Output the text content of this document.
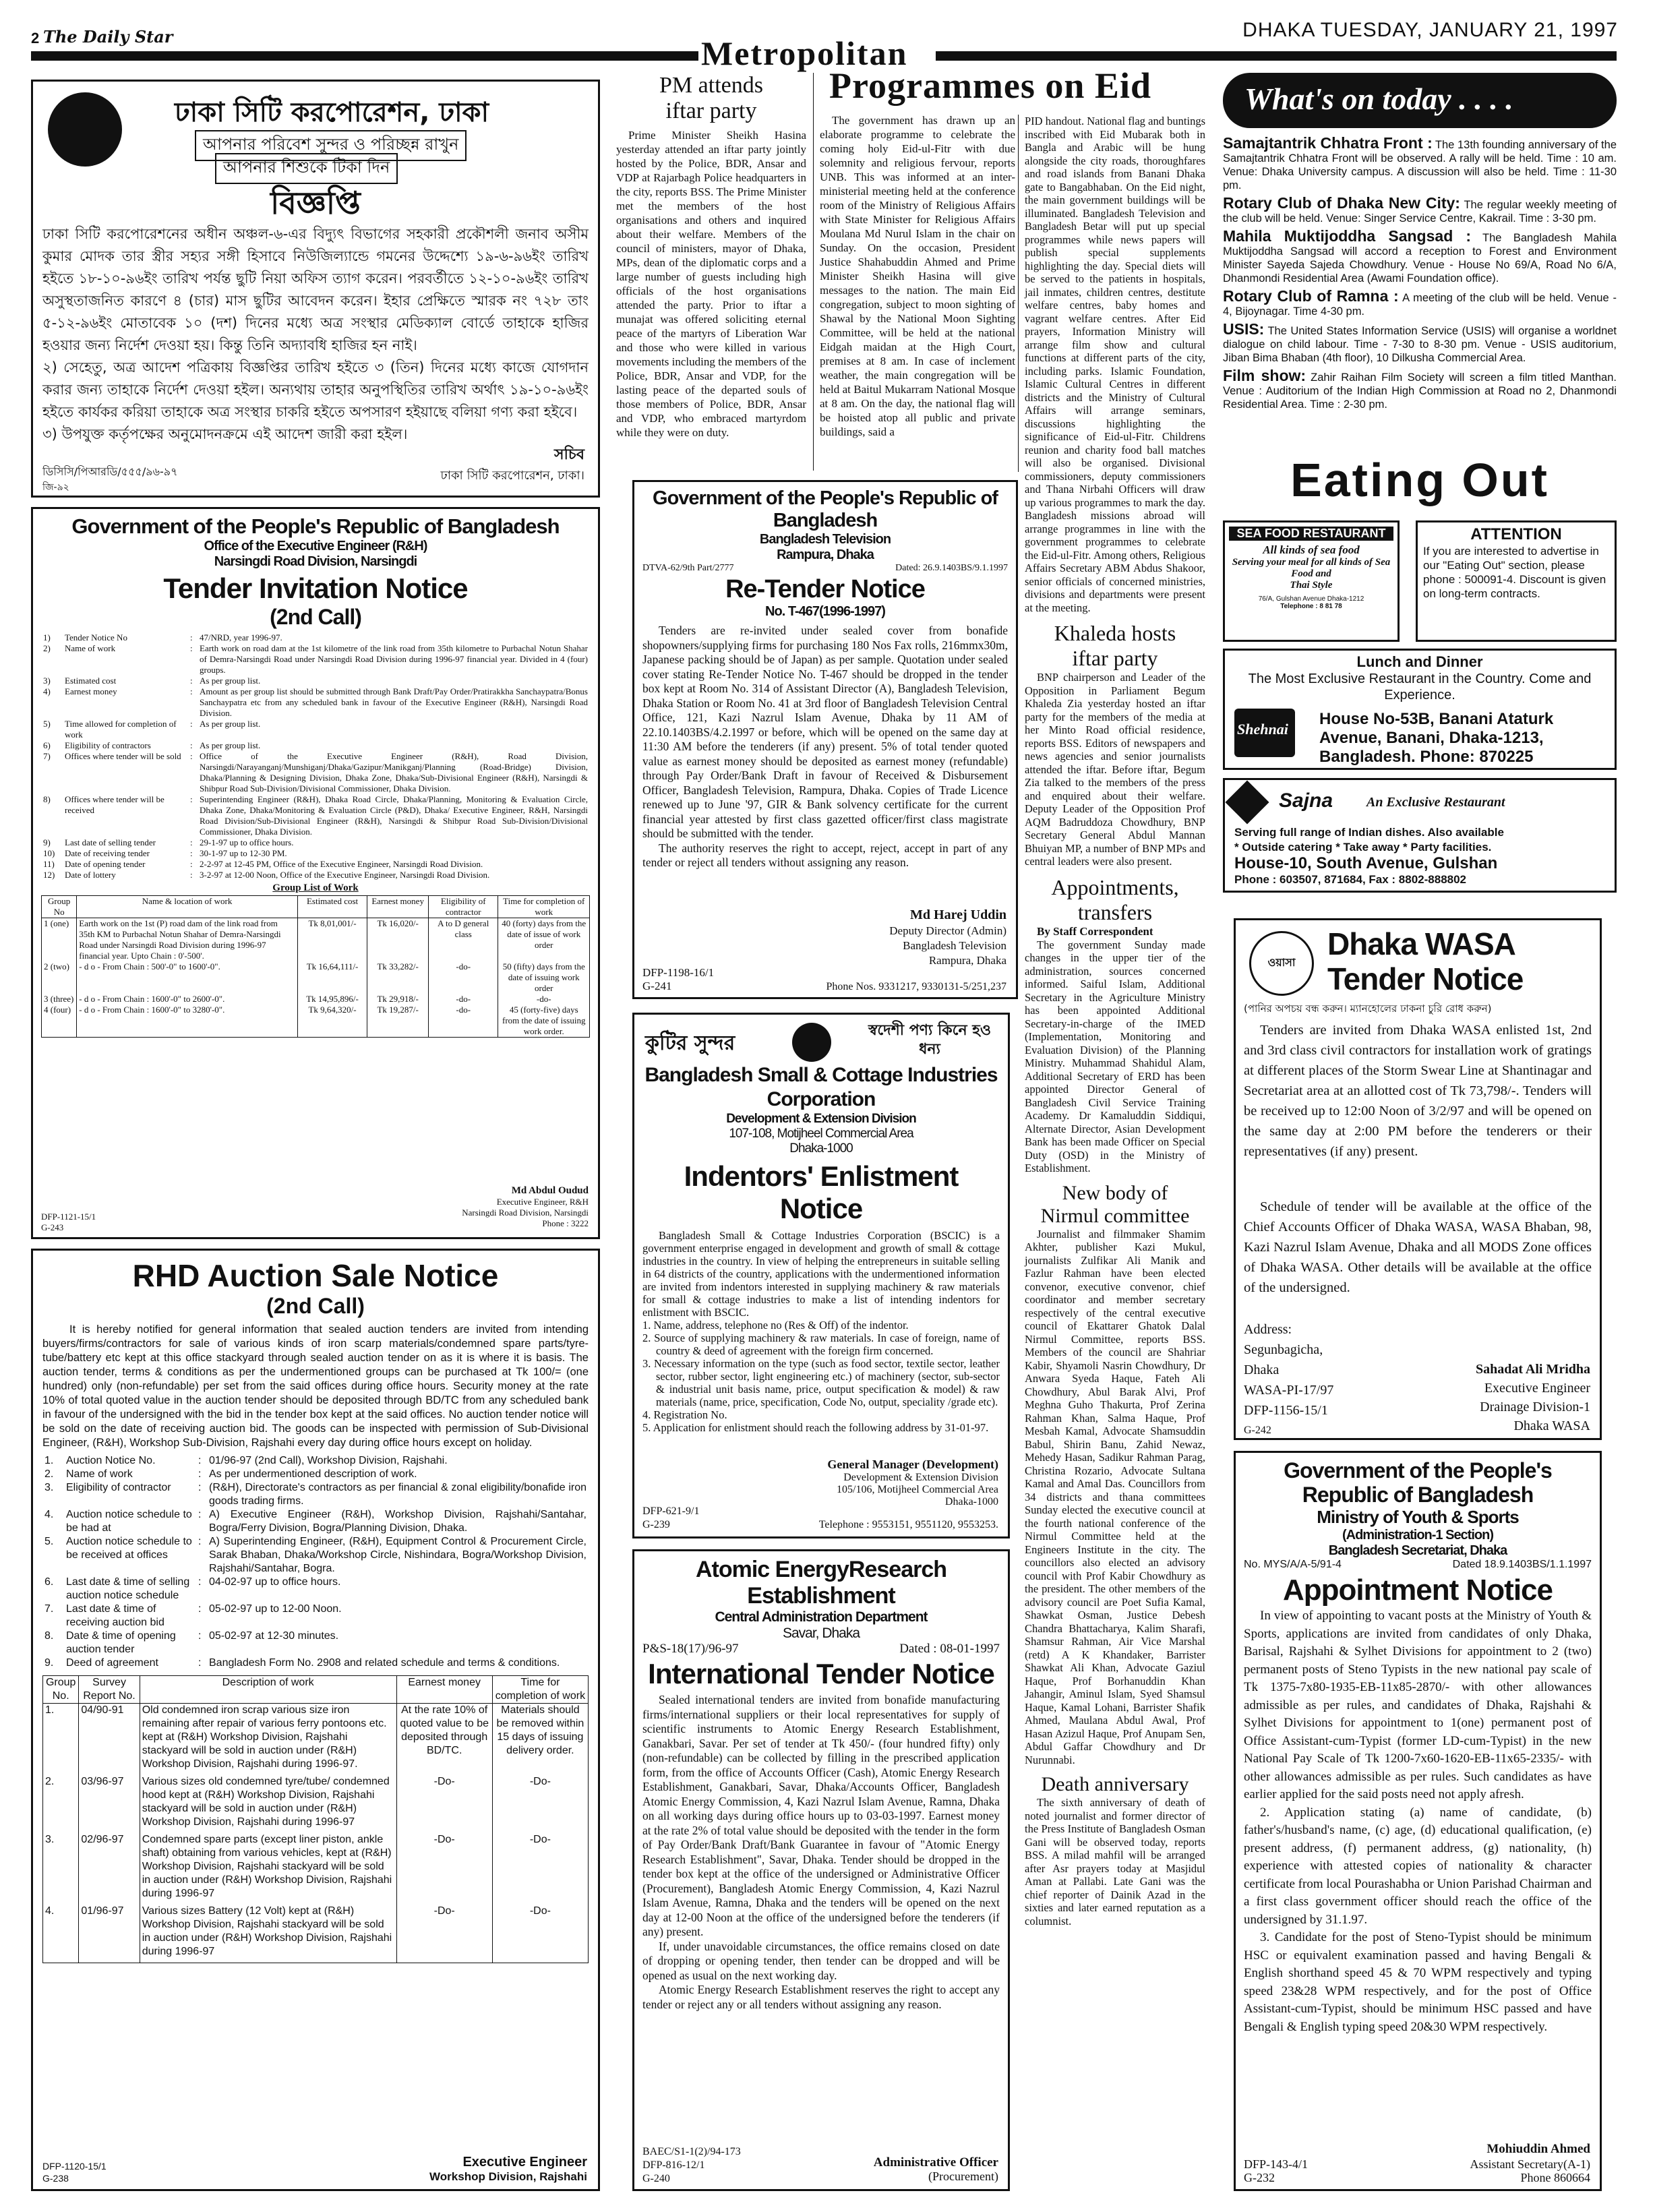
2 The Daily Star	DHAKA TUESDAY, JANUARY 21, 1997
Metropolitan
ঢাকা সিটি করপোরেশন, ঢাকা
আপনার পরিবেশ সুন্দর ও পরিচ্ছন্ন রাখুন
আপনার শিশুকে টিকা দিন
বিজ্ঞপ্তি
ঢাকা সিটি করপোরেশনের অধীন অঞ্চল-৬-এর বিদ্যুৎ বিভাগের সহকারী প্রকৌশলী জনাব অসীম কুমার মোদক তার স্ত্রীর সহ্যর সঙ্গী হিসাবে নিউজিল্যান্ডে গমনের উদ্দেশ্যে ১৯-৬-৯৬ইং তারিখ হইতে ১৮-১০-৯৬ইং তারিখ পর্যন্ত ছুটি নিয়া অফিস ত্যাগ করেন। পরবর্তীতে ১২-১০-৯৬ইং তারিখ অসুস্থতাজনিত কারণে ৪ (চার) মাস ছুটির আবেদন করেন। ইহার প্রেক্ষিতে স্মারক নং ৭২৮ তাং ৫-১২-৯৬ইং মোতাবেক ১০ (দশ) দিনের মধ্যে অত্র সংস্থার মেডিক্যাল বোর্ডে তাহাকে হাজির হওয়ার জন্য নির্দেশ দেওয়া হয়। কিন্তু তিনি অদ্যাবধি হাজির হন নাই।
২) সেহেতু, অত্র আদেশ পত্রিকায় বিজ্ঞপ্তির তারিখ হইতে ৩ (তিন) দিনের মধ্যে কাজে যোগদান করার জন্য তাহাকে নির্দেশ দেওয়া হইল। অন্যথায় তাহার অনুপস্থিতির তারিখ অর্থাৎ ১৯-১০-৯৬ইং হইতে কার্যকর করিয়া তাহাকে অত্র সংস্থার চাকরি হইতে অপসারণ হইয়াছে বলিয়া গণ্য করা হইবে।
৩) উপযুক্ত কর্তৃপক্ষের অনুমোদনক্রমে এই আদেশ জারী করা হইল।
সচিব
ডিসিসি/পিআরডি/৫৫৫/৯৬-৯৭	ঢাকা সিটি করপোরেশন, ঢাকা।
জি-৯২
Government of the People's Republic of Bangladesh
Office of the Executive Engineer (R&H)
Narsingdi Road Division, Narsingdi
Tender Invitation Notice
(2nd Call)
1)	Tender Notice No	:	47/NRD, year 1996-97.
2)	Name of work	:	Earth work on road dam at the 1st kilometre of the link road from 35th kilometre to Purbachal Notun Shahar of Demra-Narsingdi Road under Narsingdi Road Division during 1996-97 financial year. Divided in 4 (four) groups.
3)	Estimated cost	:	As per group list.
4)	Earnest money	:	Amount as per group list should be submitted through Bank Draft/Pay Order/Pratirakkha Sanchaypatra/Bonus Sanchaypatra etc from any scheduled bank in favour of the Executive Engineer (R&H), Narsingdi Road Division.
5)	Time allowed for completion of work	:	As per group list.
6)	Eligibility of contractors	:	As per group list.
7)	Offices where tender will be sold	:	Office of the Executive Engineer (R&H), Road Division, Narsingdi/Narayanganj/Munshiganj/Dhaka/Gazipur/Manikganj/Planning (Road-Bridge) Division, Dhaka/Planning & Designing Division, Dhaka Zone, Dhaka/Sub-Divisional Engineer (R&H), Narsingdi & Shibpur Road Sub-Division/Divisional Commissioner, Dhaka Division.
8)	Offices where tender will be received	:	Superintending Engineer (R&H), Dhaka Road Circle, Dhaka/Planning, Monitoring & Evaluation Circle, Dhaka Zone, Dhaka/Monitoring & Evaluation Circle (P&D), Dhaka/ Executive Engineer, R&H, Narsingdi Road Division/Sub-Divisional Engineer (R&H), Narsingdi & Shibpur Road Sub-Division/Divisional Commissioner, Dhaka Division.
9)	Last date of selling tender	:	29-1-97 up to office hours.
10)	Date of receiving tender	:	30-1-97 up to 12-30 PM.
11)	Date of opening tender	:	2-2-97 at 12-45 PM, Office of the Executive Engineer, Narsingdi Road Division.
12)	Date of lottery	:	3-2-97 at 12-00 Noon, Office of the Executive Engineer, Narsingdi Road Division.
Group List of Work
Group No	Name & location of work	Estimated cost	Earnest money	Eligibility of contractor	Time for completion of work
1 (one)	Earth work on the 1st (P) road dam of the link road from 35th KM to Purbachal Notun Shahar of Demra-Narsingdi Road under Narsingdi Road Division during 1996-97 financial year. Upto Chain : 0'-500'.	Tk 8,01,001/-	Tk 16,020/-	A to D general class	40 (forty) days from the date of issue of work order
2 (two)	- d o - From Chain : 500'-0" to 1600'-0".	Tk 16,64,111/-	Tk 33,282/-	-do-	50 (fifty) days from the date of issuing work order
3 (three)	- d o - From Chain : 1600'-0" to 2600'-0".	Tk 14,95,896/-	Tk 29,918/-	-do-	-do-
4 (four)	- d o - From Chain : 1600'-0" to 3280'-0".	Tk 9,64,320/-	Tk 19,287/-	-do-	45 (forty-five) days from the date of issuing work order.
Md Abdul Oudud
Executive Engineer, R&H
Narsingdi Road Division, Narsingdi
Phone : 3222
DFP-1121-15/1
G-243
RHD Auction Sale Notice
(2nd Call)
It is hereby notified for general information that sealed auction tenders are invited from intending buyers/firms/contractors for sale of various kinds of iron scarp materials/condemned spare parts/tyre-tube/battery etc kept at this office stackyard through sealed auction tender on as it is where it is basis. The auction tender, terms & conditions as per the undermentioned groups can be purchased at Tk 100/= (one hundred) only (non-refundable) per set from the said offices during office hours. Security money at the rate 10% of total quoted value in the auction tender should be deposited through BD/TC from any scheduled bank in favour of the undersigned with the bid in the tender box kept at the said offices. No auction tender notice will be sold on the date of receiving auction bid. The goods can be inspected with permission of Sub-Divisional Engineer, (R&H), Workshop Sub-Division, Rajshahi every day during office hours except on holiday.
1.	Auction Notice No.	:	01/96-97 (2nd Call), Workshop Division, Rajshahi.
2.	Name of work	:	As per undermentioned description of work.
3.	Eligibility of contractor	:	(R&H), Directorate's contractors as per financial & zonal eligibility/bonafide iron goods trading firms.
4.	Auction notice schedule to be had at	:	A) Executive Engineer (R&H), Workshop Division, Rajshahi/Santahar, Bogra/Ferry Division, Bogra/Planning Division, Dhaka.
5.	Auction notice schedule to be received at offices	:	A) Superintending Engineer, (R&H), Equipment Control & Procurement Circle, Sarak Bhaban, Dhaka/Workshop Circle, Nishindara, Bogra/Workshop Division, Rajshahi/Santahar, Bogra.
6.	Last date & time of selling auction notice schedule	:	04-02-97 up to office hours.
7.	Last date & time of receiving auction bid	:	05-02-97 up to 12-00 Noon.
8.	Date & time of opening auction tender	:	05-02-97 at 12-30 minutes.
9.	Deed of agreement	:	Bangladesh Form No. 2908 and related schedule and terms & conditions.
Group No.	Survey Report No.	Description of work	Earnest money	Time for completion of work
1.	04/90-91	Old condemned iron scrap various size iron remaining after repair of various ferry pontoons etc. kept at (R&H) Workshop Division, Rajshahi stackyard will be sold in auction under (R&H) Workshop Division, Rajshahi during 1996-97.	At the rate 10% of quoted value to be deposited through BD/TC.	Materials should be removed within 15 days of issuing delivery order.
2.	03/96-97	Various sizes old condemned tyre/tube/ condemned hood kept at (R&H) Workshop Division, Rajshahi stackyard will be sold in auction under (R&H) Workshop Division, Rajshahi during 1996-97	-Do-	-Do-
3.	02/96-97	Condemned spare parts (except liner piston, ankle shaft) obtaining from various vehicles, kept at (R&H) Workshop Division, Rajshahi stackyard will be sold in auction under (R&H) Workshop Division, Rajshahi during 1996-97	-Do-	-Do-
4.	01/96-97	Various sizes Battery (12 Volt) kept at (R&H) Workshop Division, Rajshahi stackyard will be sold in auction under (R&H) Workshop Division, Rajshahi during 1996-97	-Do-	-Do-
Executive Engineer
Workshop Division, Rajshahi
DFP-1120-15/1
G-238
PM attends
iftar party
Prime Minister Sheikh Hasina yesterday attended an iftar party jointly hosted by the Police, BDR, Ansar and VDP at Rajarbagh Police headquarters in the city, reports BSS. The Prime Minister met the members of the host organisations and others and inquired about their welfare. Members of the council of ministers, mayor of Dhaka, MPs, dean of the diplomatic corps and a large number of guests including high officials of the host organisations attended the party. Prior to iftar a munajat was offered soliciting eternal peace of the martyrs of Liberation War and those who were killed in various movements including the members of the Police, BDR, Ansar and VDP, for the lasting peace of the departed souls of those members of Police, BDR, Ansar and VDP, who embraced martyrdom while they were on duty.
Programmes on Eid
The government has drawn up an elaborate programme to celebrate the coming holy Eid-ul-Fitr with due solemnity and religious fervour, reports UNB. This was informed at an inter-ministerial meeting held at the conference room of the Ministry of Religious Affairs with State Minister for Religious Affairs Moulana Md Nurul Islam in the chair on Sunday. On the occasion, President Justice Shahabuddin Ahmed and Prime Minister Sheikh Hasina will give messages to the nation. The main Eid congregation, subject to moon sighting of Shawal by the National Moon Sighting Committee, will be held at the national Eidgah maidan at the High Court, premises at 8 am. In case of inclement weather, the main congregation will be held at Baitul Mukarram National Mosque at 8 am. On the day, the national flag will be hoisted atop all public and private buildings, said a
Government of the People's Republic of Bangladesh
Bangladesh Television
Rampura, Dhaka
DTVA-62/9th Part/2777	Dated: 26.9.1403BS/9.1.1997
Re-Tender Notice
No. T-467(1996-1997)
Tenders are re-invited under sealed cover from bonafide shopowners/supplying firms for purchasing 180 Nos Fax rolls, 216mmx30m, Japanese packing should be of Japan) as per sample. Quotation under sealed cover stating Re-Tender Notice No. T-467 should be dropped in the tender box kept at Room No. 314 of Assistant Director (A), Bangladesh Television, Dhaka Station or Room No. 41 at 3rd floor of Bangladesh Television Central Office, 121, Kazi Nazrul Islam Avenue, Dhaka by 11 AM of 22.10.1403BS/4.2.1997 or before, which will be opened on the same day at 11:30 AM before the tenderers (if any) present. 5% of total tender quoted value as earnest money should be deposited as earnest money (refundable) through Pay Order/Bank Draft in favour of Received & Disbursement Officer, Bangladesh Television, Rampura, Dhaka. Copies of Trade Licence renewed up to June '97, GIR & Bank solvency certificate for the current financial year attested by first class gazetted officer/first class magistrate should be submitted with the tender.
The authority reserves the right to accept, reject, accept in part of any tender or reject all tenders without assigning any reason.
Md Harej Uddin
Deputy Director (Admin)
Bangladesh Television
Rampura, Dhaka
DFP-1198-16/1
G-241	Phone Nos. 9331217, 9330131-5/251,237
কুটির সুন্দর
স্বদেশী পণ্য কিনে হও ধন্য
Bangladesh Small & Cottage Industries Corporation
Development & Extension Division
107-108, Motijheel Commercial Area
Dhaka-1000
Indentors' Enlistment Notice
Bangladesh Small & Cottage Industries Corporation (BSCIC) is a government enterprise engaged in development and growth of small & cottage industries in the country. In view of helping the entrepreneurs in suitable selling in 64 districts of the country, applications with the undermentioned information are invited from indentors interested in supplying machinery & raw materials for small & cottage industries to make a list of intending indentors for enlistment with BSCIC.
1. Name, address, telephone no (Res & Off) of the indentor.
2. Source of supplying machinery & raw materials. In case of foreign, name of country & deed of agreement with the foreign firm concerned.
3. Necessary information on the type (such as food sector, textile sector, leather sector, rubber sector, light engineering etc.) of machinery (sector, sub-sector & industrial unit basis name, price, output specification & model) & raw materials (name, price, specification, Code No, output, speciality /grade etc).
4. Registration No.
5. Application for enlistment should reach the following address by 31-01-97.
General Manager (Development)
Development & Extension Division
105/106, Motijheel Commercial Area
Dhaka-1000
DFP-621-9/1
G-239	Telephone : 9553151, 9551120, 9553253.
Atomic EnergyResearch
Establishment
Central Administration Department
Savar, Dhaka
P&S-18(17)/96-97	Dated : 08-01-1997
International Tender Notice
Sealed international tenders are invited from bonafide manufacturing firms/international suppliers or their local representatives for supply of scientific instruments to Atomic Energy Research Establishment, Ganakbari, Savar. Per set of tender at Tk 450/- (four hundred fifty) only (non-refundable) can be collected by filling in the prescribed application form, from the office of Accounts Officer (Cash), Atomic Energy Research Establishment, Ganakbari, Savar, Dhaka/Accounts Officer, Bangladesh Atomic Energy Commission, 4, Kazi Nazrul Islam Avenue, Ramna, Dhaka on all working days during office hours up to 03-03-1997. Earnest money at the rate 2% of total value should be deposited with the tender in the form of Pay Order/Bank Draft/Bank Guarantee in favour of "Atomic Energy Research Establishment", Savar, Dhaka. Tender should be dropped in the tender box kept at the office of the undersigned or Administrative Officer (Procurement), Bangladesh Atomic Energy Commission, 4, Kazi Nazrul Islam Avenue, Ramna, Dhaka and the tenders will be opened on the next day at 12-00 Noon at the office of the undersigned before the tenderers (if any) present.
If, under unavoidable circumstances, the office remains closed on date of dropping or opening tender, then tender can be dropped and will be opened as usual on the next working day.
Atomic Energy Research Establishment reserves the right to accept any tender or reject any or all tenders without assigning any reason.
BAEC/S1-1(2)/94-173
DFP-816-12/1
G-240
Administrative Officer
(Procurement)
PID handout. National flag and buntings inscribed with Eid Mubarak both in Bangla and Arabic will be hung alongside the city roads, thoroughfares and road islands from Banani Dhaka gate to Bangabhaban. On the Eid night, the main government buildings will be illuminated. Bangladesh Television and Bangladesh Betar will put up special programmes while news papers will publish special supplements highlighting the day. Special diets will be served to the patients in hospitals, jail inmates, children centres, destitute welfare centres, baby homes and vagrant welfare centres. After Eid prayers, Information Ministry will arrange film show and cultural functions at different parts of the city, including parks. Islamic Foundation, Islamic Cultural Centres in different districts and the Ministry of Cultural Affairs will arrange seminars, discussions highlighting the significance of Eid-ul-Fitr. Childrens reunion and charity food ball matches will also be organised. Divisional commissioners, deputy commissioners and Thana Nirbahi Officers will draw up various programmes to mark the day. Bangladesh missions abroad will arrange programmes in line with the government programmes to celebrate the Eid-ul-Fitr. Among others, Religious Affairs Secretary ABM Abdus Shakoor, senior officials of concerned ministries, divisions and departments were present at the meeting.
Khaleda hosts
iftar party
BNP chairperson and Leader of the Opposition in Parliament Begum Khaleda Zia yesterday hosted an iftar party for the members of the media at her Minto Road official residence, reports BSS. Editors of newspapers and news agencies and senior journalists attended the iftar. Before iftar, Begum Zia talked to the members of the press and enquired about their welfare. Deputy Leader of the Opposition Prof AQM Badruddoza Chowdhury, BNP Secretary General Abdul Mannan Bhuiyan MP, a number of BNP MPs and central leaders were also present.
Appointments,
transfers
By Staff Correspondent
The government Sunday made changes in the upper tier of the administration, sources concerned informed. Saiful Islam, Additional Secretary in the Agriculture Ministry has been appointed Additional Secretary-in-charge of the IMED (Implementation, Monitoring and Evaluation Division) of the Planning Ministry. Muhammad Shahidul Alam, Additional Secretary of ERD has been appointed Director General of Bangladesh Civil Service Training Academy. Dr Kamaluddin Siddiqui, Alternate Director, Asian Development Bank has been made Officer on Special Duty (OSD) in the Ministry of Establishment.
New body of
Nirmul committee
Journalist and filmmaker Shamim Akhter, publisher Kazi Mukul, journalists Zulfikar Ali Manik and Fazlur Rahman have been elected convenor, executive convenor, chief coordinator and member secretary respectively of the central executive council of Ekattarer Ghatok Dalal Nirmul Committee, reports BSS. Members of the council are Shahriar Kabir, Shyamoli Nasrin Chowdhury, Dr Anwara Syeda Haque, Fateh Ali Chowdhury, Abul Barak Alvi, Prof Meghna Guho Thakurta, Prof Zerina Rahman Khan, Salma Haque, Prof Mesbah Kamal, Advocate Shamsuddin Babul, Shirin Banu, Zahid Newaz, Mehedy Hasan, Sadikur Rahman Parag, Christina Rozario, Advocate Sultana Kamal and Amal Das. Councillors from 34 districts and thana committees Sunday elected the executive council at the fourth national conference of the Nirmul Committee held at the Engineers Institute in the city. The councillors also elected an advisory council with Prof Kabir Chowdhury as the president. The other members of the advisory council are Poet Sufia Kamal, Shawkat Osman, Justice Debesh Chandra Bhattacharya, Kalim Sharafi, Shamsur Rahman, Air Vice Marshal (retd) A K Khandaker, Barrister Shawkat Ali Khan, Advocate Gaziul Haque, Prof Borhanuddin Khan Jahangir, Aminul Islam, Syed Shamsul Haque, Kamal Lohani, Barrister Shafik Ahmed, Maulana Abdul Awal, Prof Hasan Azizul Haque, Prof Anupam Sen, Abdul Gaffar Chowdhury and Dr Nurunnabi.
Death anniversary
The sixth anniversary of death of noted journalist and former director of the Press Institute of Bangladesh Osman Gani will be observed today, reports BSS. A milad mahfil will be arranged after Asr prayers today at Masjidul Aman at Pallabi. Late Gani was the chief reporter of Dainik Azad in the sixties and later earned reputation as a columnist.
What's on today . . . .
Samajtantrik Chhatra Front : The 13th founding anniversary of the Samajtantrik Chhatra Front will be observed. A rally will be held. Time : 10 am. Venue: Dhaka University campus. A discussion will also be held. Time : 11-30 pm.
Rotary Club of Dhaka New City: The regular weekly meeting of the club will be held. Venue: Singer Service Centre, Kakrail. Time : 3-30 pm.
Mahila Muktijoddha Sangsad : The Bangladesh Mahila Muktijoddha Sangsad will accord a reception to Forest and Environment Minister Sayeda Sajeda Chowdhury. Venue - House No 69/A, Road No 6/A, Dhanmondi Residential Area (Awami Foundation office).
Rotary Club of Ramna : A meeting of the club will be held. Venue - 4, Bijoynagar. Time 4-30 pm.
USIS: The United States Information Service (USIS) will organise a worldnet dialogue on child labour. Time - 7-30 to 8-30 pm. Venue - USIS auditorium, Jiban Bima Bhaban (4th floor), 10 Dilkusha Commercial Area.
Film show: Zahir Raihan Film Society will screen a film titled Manthan. Venue : Auditorium of the Indian High Commission at Road no 2, Dhanmondi Residential Area. Time : 2-30 pm.
Eating Out
SEA FOOD RESTAURANT
All kinds of sea food
Serving your meal for all kinds of Sea Food and
Thai Style
76/A, Gulshan Avenue Dhaka-1212
Telephone : 8 81 78
ATTENTION
If you are interested to advertise in our "Eating Out" section, please phone : 500091-4. Discount is given on long-term contracts.
Lunch and Dinner
The Most Exclusive Restaurant in the Country. Come and Experience.
Shehnai
House No-53B, Banani Ataturk
Avenue, Banani, Dhaka-1213,
Bangladesh. Phone: 870225
Sajna An Exclusive Restaurant
Serving full range of Indian dishes. Also available
* Outside catering * Take away * Party facilities.
House-10, South Avenue, Gulshan
Phone : 603507, 871684, Fax : 8802-888802
ওয়াসা
Dhaka WASA
Tender Notice
(পানির অপচয় বন্ধ করুন। ম্যানহোলের ঢাকনা চুরি রোধ করুন)
Tenders are invited from Dhaka WASA enlisted 1st, 2nd and 3rd class civil contractors for installation work of gratings at different places of the Storm Swear Line at Shantinagar and Secretariat area at an allotted cost of Tk 73,798/-. Tenders will be received up to 12:00 Noon of 3/2/97 and will be opened on the same day at 2:00 PM before the tenderers or their representatives (if any) present.
Schedule of tender will be available at the office of the Chief Accounts Officer of Dhaka WASA, WASA Bhaban, 98, Kazi Nazrul Islam Avenue, Dhaka and all MODS Zone offices of Dhaka WASA. Other details will be available at the office of the undersigned.
Address:
Segunbagicha,
Dhaka
WASA-PI-17/97
DFP-1156-15/1
G-242
Sahadat Ali Mridha
Executive Engineer
Drainage Division-1
Dhaka WASA
Government of the People's
Republic of Bangladesh
Ministry of Youth & Sports
(Administration-1 Section)
Bangladesh Secretariat, Dhaka
No. MYS/A/A-5/91-4	Dated 18.9.1403BS/1.1.1997
Appointment Notice
In view of appointing to vacant posts at the Ministry of Youth & Sports, applications are invited from candidates of only Dhaka, Barisal, Rajshahi & Sylhet Divisions for appointment to 2 (two) permanent posts of Steno Typists in the new national pay scale of Tk 1375-7x80-1935-EB-11x85-2870/- with other allowances admissible as per rules, and candidates of Dhaka, Rajshahi & Sylhet Divisions for appointment to 1(one) permanent post of Office Assistant-cum-Typist (former LD-cum-Typist) in the new National Pay Scale of Tk 1200-7x60-1620-EB-11x65-2335/- with other allowances admissible as per rules. Such candidates as have earlier applied for the said posts need not apply afresh.
2. Application stating (a) name of candidate, (b) father's/husband's name, (c) age, (d) educational qualification, (e) present address, (f) permanent address, (g) nationality, (h) experience with attested copies of nationality & character certificate from local Pourashabha or Union Parishad Chairman and a first class government officer should reach the office of the undersigned by 31.1.97.
3. Candidate for the post of Steno-Typist should be minimum HSC or equivalent examination passed and having Bengali & English shorthand speed 45 & 70 WPM respectively and typing speed 23&28 WPM respectively, and for the post of Office Assistant-cum-Typist, should be minimum HSC passed and have Bengali & English typing speed 20&30 WPM respectively.
Mohiuddin Ahmed
Assistant Secretary(A-1)
Phone 860664
DFP-143-4/1
G-232
